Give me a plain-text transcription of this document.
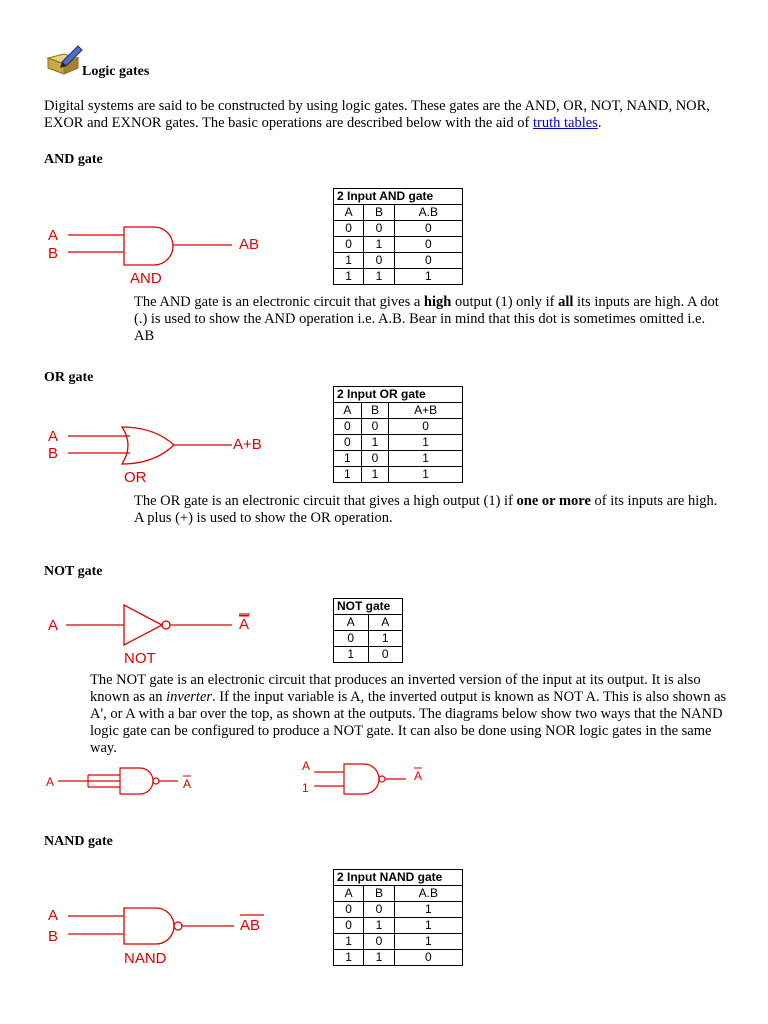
Logic gates

Digital systems are said to be constructed by using logic gates. These gates are the AND, OR, NOT, NAND, NOR, EXOR and EXNOR gates. The basic operations are described below with the aid of truth tables.

AND gate
A
B
AND
AB
2 Input AND gate		
A	B	A.B
0	0	0
0	1	0
1	0	0
1	1	1

The AND gate is an electronic circuit that gives a high output (1) only if all its inputs are high. A dot (.) is used to show the AND operation i.e. A.B. Bear in mind that this dot is sometimes omitted i.e. AB

OR gate
A
B
OR
A+B
2 Input OR gate		
A	B	A+B
0	0	0
0	1	1
1	0	1
1	1	1

The OR gate is an electronic circuit that gives a high output (1) if one or more of its inputs are high. A plus (+) is used to show the OR operation.

NOT gate
A
NOT
A
NOT gate	
A	$\overline{A}$
0	1
1	0

The NOT gate is an electronic circuit that produces an inverted version of the input at its output. It is also known as an inverter. If the input variable is A, the inverted output is known as NOT A. This is also shown as A', or A with a bar over the top, as shown at the outputs. The diagrams below show two ways that the NAND logic gate can be configured to produce a NOT gate. It can also be done using NOR logic gates in the same way.

A	A
A
1
A
NAND gate
A
B
NAND
AB
2 Input NAND gate		
A	B	A.B
0	0	1
0	1	1
1	0	1
1	1	0
